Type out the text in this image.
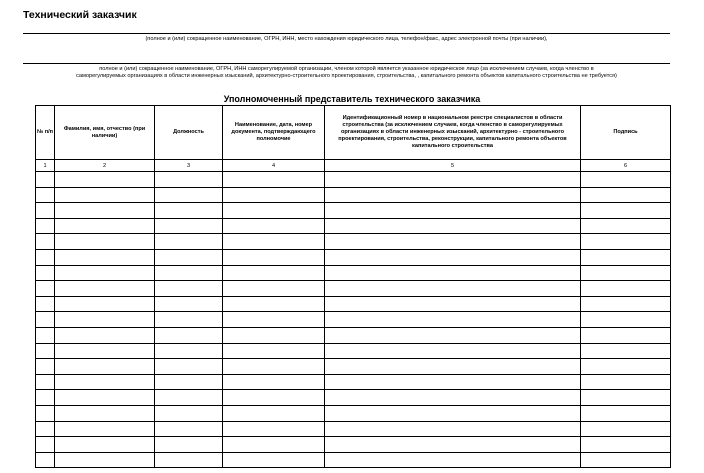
Технический заказчик
(полное и (или) сокращенное наименование, ОГРН, ИНН, место нахождения юридического лица, телефон/факс, адрес электронной почты (при наличии),
полное и (или) сокращенное наименование, ОГРН, ИНН саморегулируемой организации, членом которой является указанное юридическое лицо (за исключением случаев, когда членство в
саморегулируемых организациях в области инженерных изысканий, архитектурно-строительного проектирования, строительства, , капитального ремонта объектов капитального строительства не требуется)
Уполномоченный представитель технического заказчика
№ п/п	Фамилия, имя, отчество (при наличии)	Должность	Наименование, дата, номер документа, подтверждающего полномочие	Идентификационный номер в национальном реестре специалистов в области строительства (за исключением случаев, когда членство в саморегулируемых организациях в области инженерных изысканий, архитектурно - строительного проектирования, строительства, реконструкции, капитального ремонта объектов капитального строительства	Подпись
1	2	3	4	5	6
